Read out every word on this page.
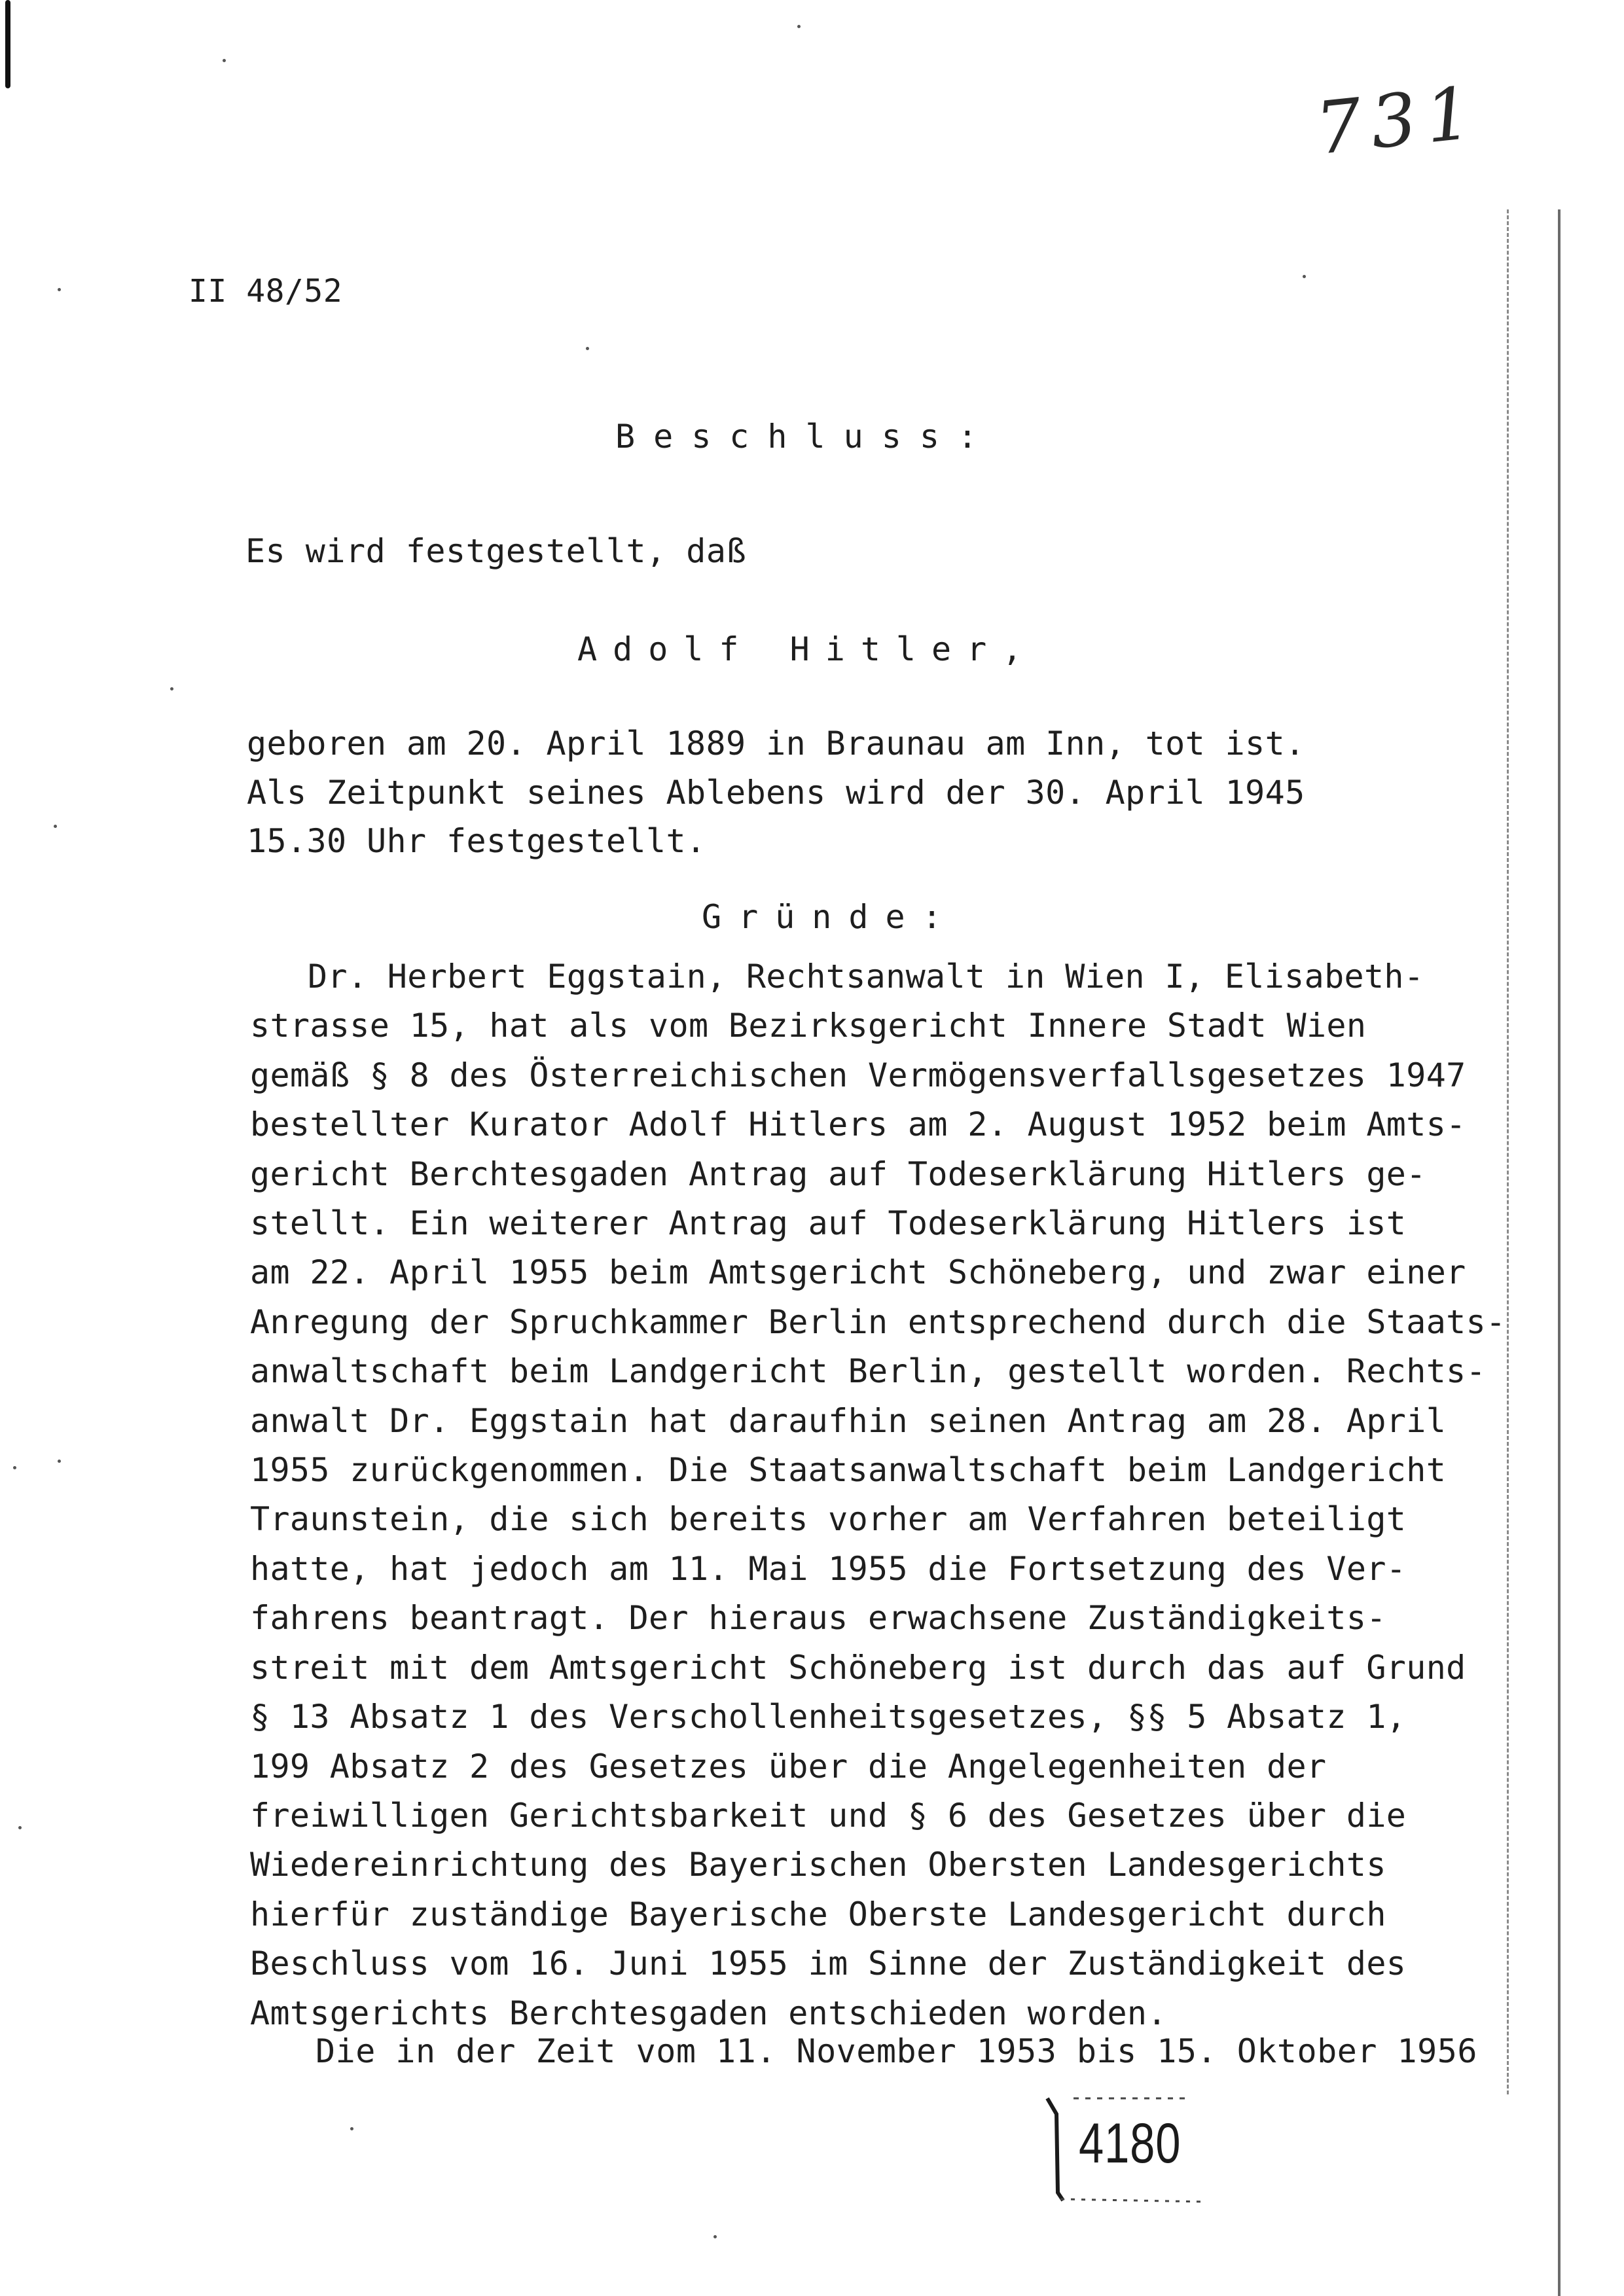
731
II 48/52
Beschluss:
Es wird festgestellt, daß
Adolf Hitler,
geboren am 20. April 1889 in Braunau am Inn, tot ist.
Als Zeitpunkt seines Ablebens wird der 30. April 1945
15.30 Uhr festgestellt.
Gründe:
Dr. Herbert Eggstain, Rechtsanwalt in Wien I, Elisabeth-
strasse 15, hat als vom Bezirksgericht Innere Stadt Wien
gemäß § 8 des Österreichischen Vermögensverfallsgesetzes 1947
bestellter Kurator Adolf Hitlers am 2. August 1952 beim Amts-
gericht Berchtesgaden Antrag auf Todeserklärung Hitlers ge-
stellt. Ein weiterer Antrag auf Todeserklärung Hitlers ist
am 22. April 1955 beim Amtsgericht Schöneberg, und zwar einer
Anregung der Spruchkammer Berlin entsprechend durch die Staats-
anwaltschaft beim Landgericht Berlin, gestellt worden. Rechts-
anwalt Dr. Eggstain hat daraufhin seinen Antrag am 28. April
1955 zurückgenommen. Die Staatsanwaltschaft beim Landgericht
Traunstein, die sich bereits vorher am Verfahren beteiligt
hatte, hat jedoch am 11. Mai 1955 die Fortsetzung des Ver-
fahrens beantragt. Der hieraus erwachsene Zuständigkeits-
streit mit dem Amtsgericht Schöneberg ist durch das auf Grund
§ 13 Absatz 1 des Verschollenheitsgesetzes, §§ 5 Absatz 1,
199 Absatz 2 des Gesetzes über die Angelegenheiten der
freiwilligen Gerichtsbarkeit und § 6 des Gesetzes über die
Wiedereinrichtung des Bayerischen Obersten Landesgerichts
hierfür zuständige Bayerische Oberste Landesgericht durch
Beschluss vom 16. Juni 1955 im Sinne der Zuständigkeit des
Amtsgerichts Berchtesgaden entschieden worden.
Die in der Zeit vom 11. November 1953 bis 15. Oktober 1956
4180
